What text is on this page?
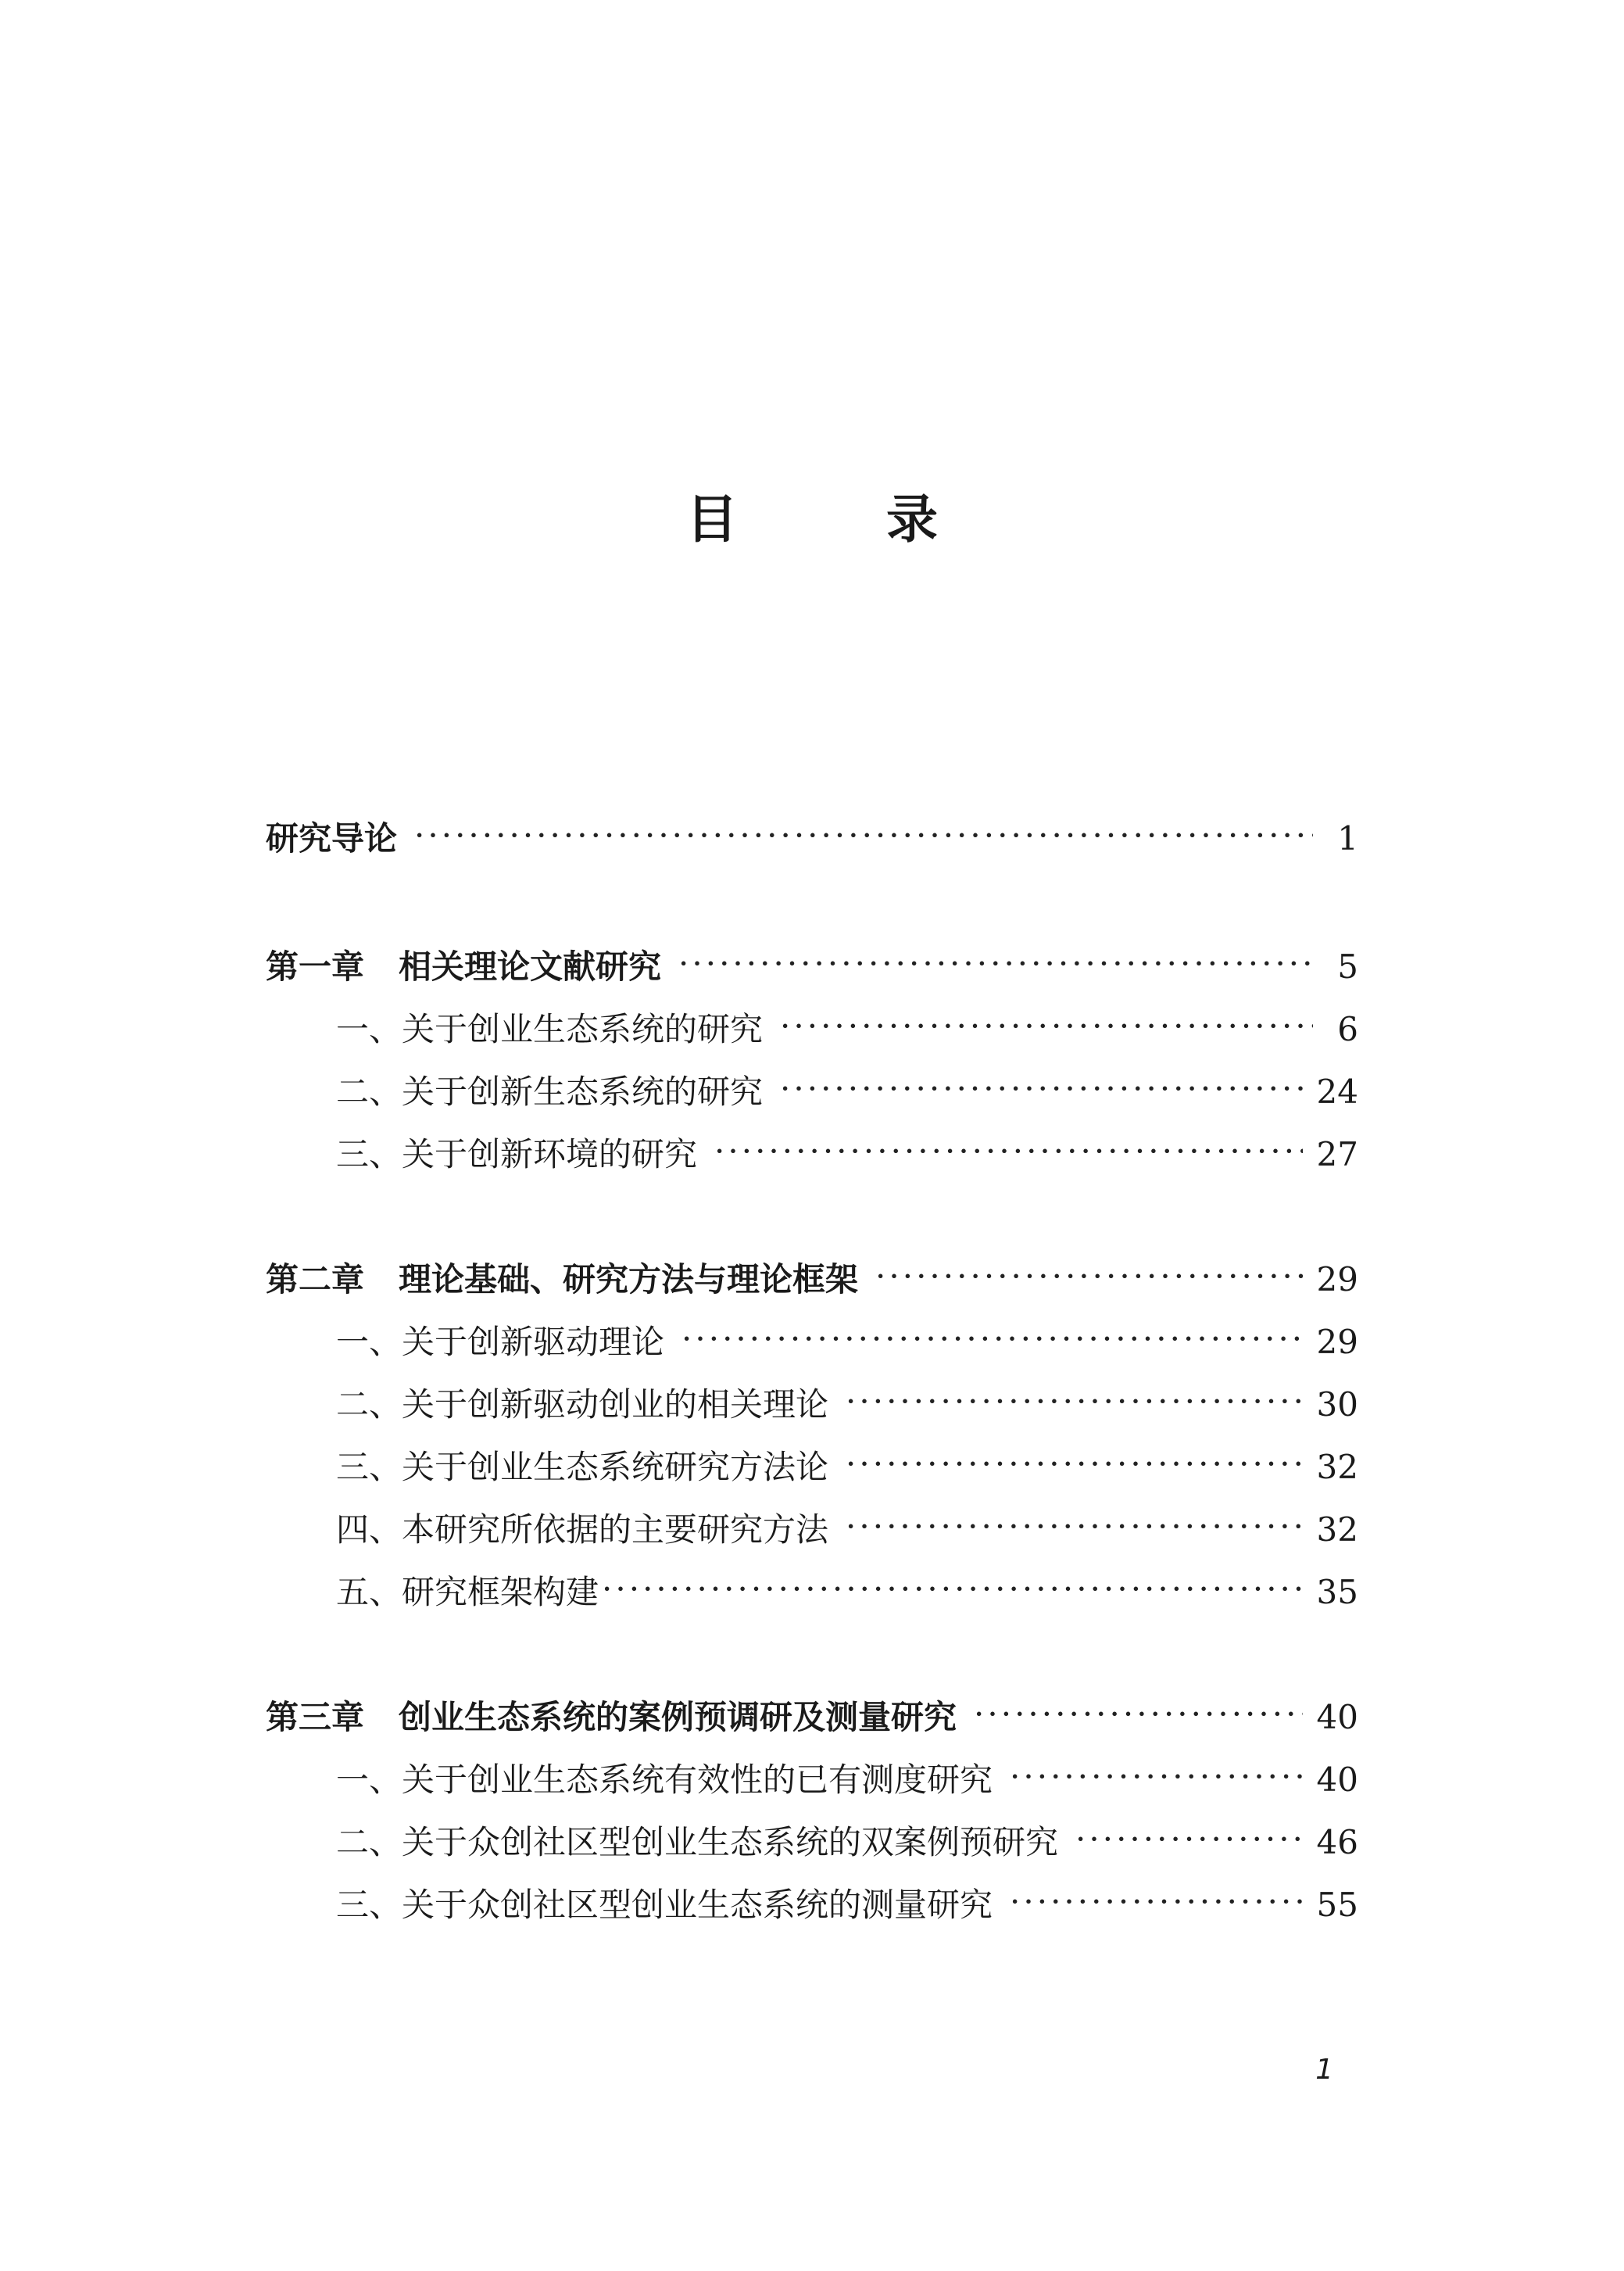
目	录
研究导论 ·····	1
第一章 相关理论文献研究 ·····	5
一、关于创业生态系统的研究 ·····	6
二、关于创新生态系统的研究 ·····	24
三、关于创新环境的研究 ·····	27
第二章 理论基础、研究方法与理论框架 ·····	29
一、关于创新驱动理论 ·····	29
二、关于创新驱动创业的相关理论 ·····	30
三、关于创业生态系统研究方法论 ·····	32
四、本研究所依据的主要研究方法 ·····	32
五、研究框架构建 ·····	35
第三章 创业生态系统的案例预调研及测量研究 ·····	40
一、关于创业生态系统有效性的已有测度研究 ·····	40
二、关于众创社区型创业生态系统的双案例预研究 ·····	46
三、关于众创社区型创业生态系统的测量研究 ·····	55
1
